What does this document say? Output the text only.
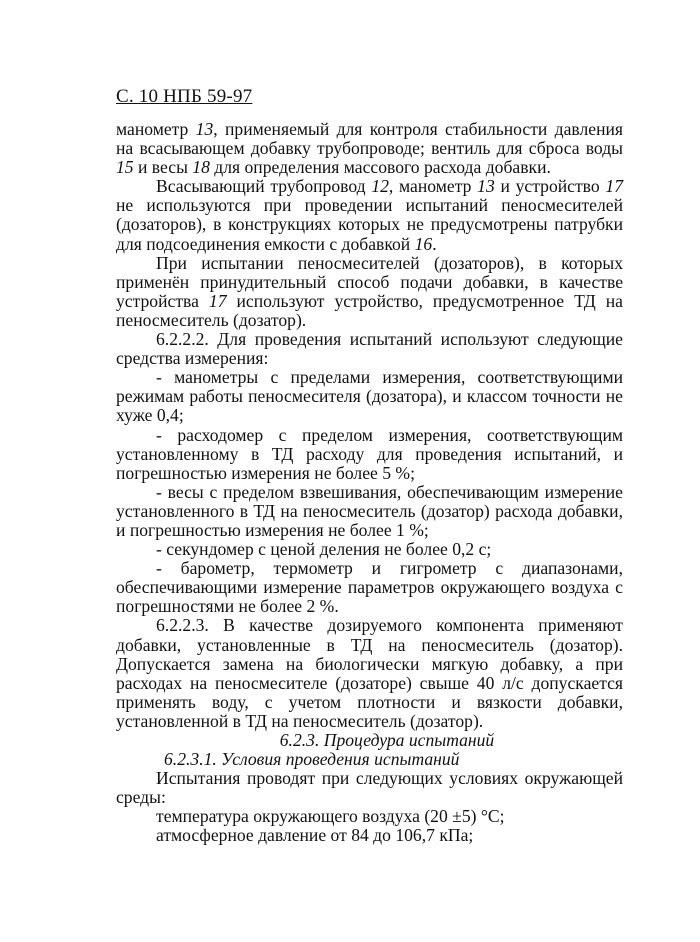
С. 10 НПБ 59-97

манометр 13, применяемый для контроля стабильности давления на всасывающем добавку трубопроводе; вентиль для сброса воды 15 и весы 18 для определения массового расхода добавки.

Всасывающий трубопровод 12, манометр 13 и устройство 17 не используются при проведении испытаний пеносмесителей (дозаторов), в конструкциях которых не предусмотрены патрубки для подсоединения емкости с добавкой 16.

При испытании пеносмесителей (дозаторов), в которых применён принудительный способ подачи добавки, в качестве устройства 17 используют устройство, предусмотренное ТД на пеносмеситель (дозатор).

6.2.2.2. Для проведения испытаний используют следующие средства измерения:

- манометры с пределами измерения, соответствующими режимам работы пеносмесителя (дозатора), и классом точности не хуже 0,4;

- расходомер с пределом измерения, соответствующим установленному в ТД расходу для проведения испытаний, и погрешностью измерения не более 5 %;

- весы с пределом взвешивания, обеспечивающим измерение установленного в ТД на пеносмеситель (дозатор) расхода добавки, и погрешностью измерения не более 1 %;

- секундомер с ценой деления не более 0,2 с;

- барометр, термометр и гигрометр с диапазонами, обеспечивающими измерение параметров окружающего воздуха с погрешностями не более 2 %.

6.2.2.3. В качестве дозируемого компонента применяют добавки, установленные в ТД на пеносмеситель (дозатор). Допускается замена на биологически мягкую добавку, а при расходах на пеносмесителе (дозаторе) свыше 40 л/с допускается применять воду, с учетом плотности и вязкости добавки, установленной в ТД на пеносмеситель (дозатор).

6.2.3. Процедура испытаний

6.2.3.1. Условия проведения испытаний

Испытания проводят при следующих условиях окружающей среды:

температура окружающего воздуха (20 ±5) °С;

атмосферное давление от 84 до 106,7 кПа;
